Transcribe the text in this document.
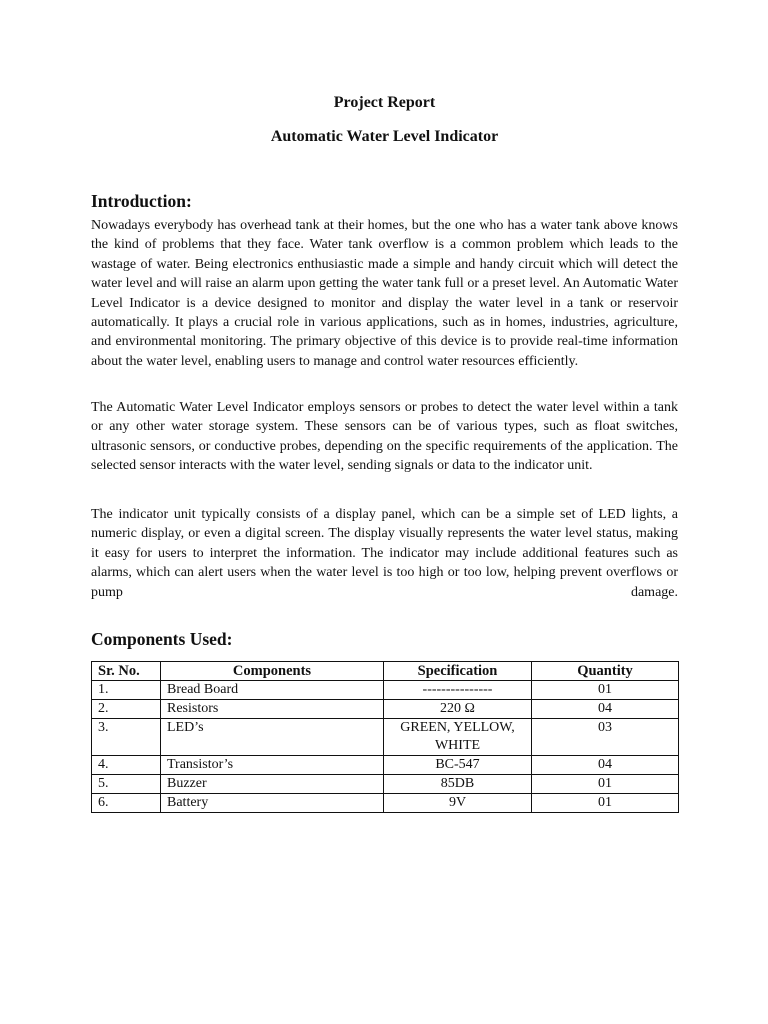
Project Report
Automatic Water Level Indicator
Introduction:

Nowadays everybody has overhead tank at their homes, but the one who has a water tank above knows the kind of problems that they face. Water tank overflow is a common problem which leads to the wastage of water. Being electronics enthusiastic made a simple and handy circuit which will detect the water level and will raise an alarm upon getting the water tank full or a preset level. An Automatic Water Level Indicator is a device designed to monitor and display the water level in a tank or reservoir automatically. It plays a crucial role in various applications, such as in homes, industries, agriculture, and environmental monitoring. The primary objective of this device is to provide real-time information about the water level, enabling users to manage and control water resources efficiently.

The Automatic Water Level Indicator employs sensors or probes to detect the water level within a tank or any other water storage system. These sensors can be of various types, such as float switches, ultrasonic sensors, or conductive probes, depending on the specific requirements of the application. The selected sensor interacts with the water level, sending signals or data to the indicator unit.

The indicator unit typically consists of a display panel, which can be a simple set of LED lights, a numeric display, or even a digital screen. The display visually represents the water level status, making it easy for users to interpret the information. The indicator may include additional features such as alarms, which can alert users when the water level is too high or too low, helping prevent overflows or pump damage.

Components Used:
Sr. No.	Components	Specification	Quantity
1.	Bread Board	---------------	01
2.	Resistors	220 Ω	04
3.	LED’s	GREEN, YELLOW, WHITE	03
4.	Transistor’s	BC-547	04
5.	Buzzer	85DB	01
6.	Battery	9V	01
